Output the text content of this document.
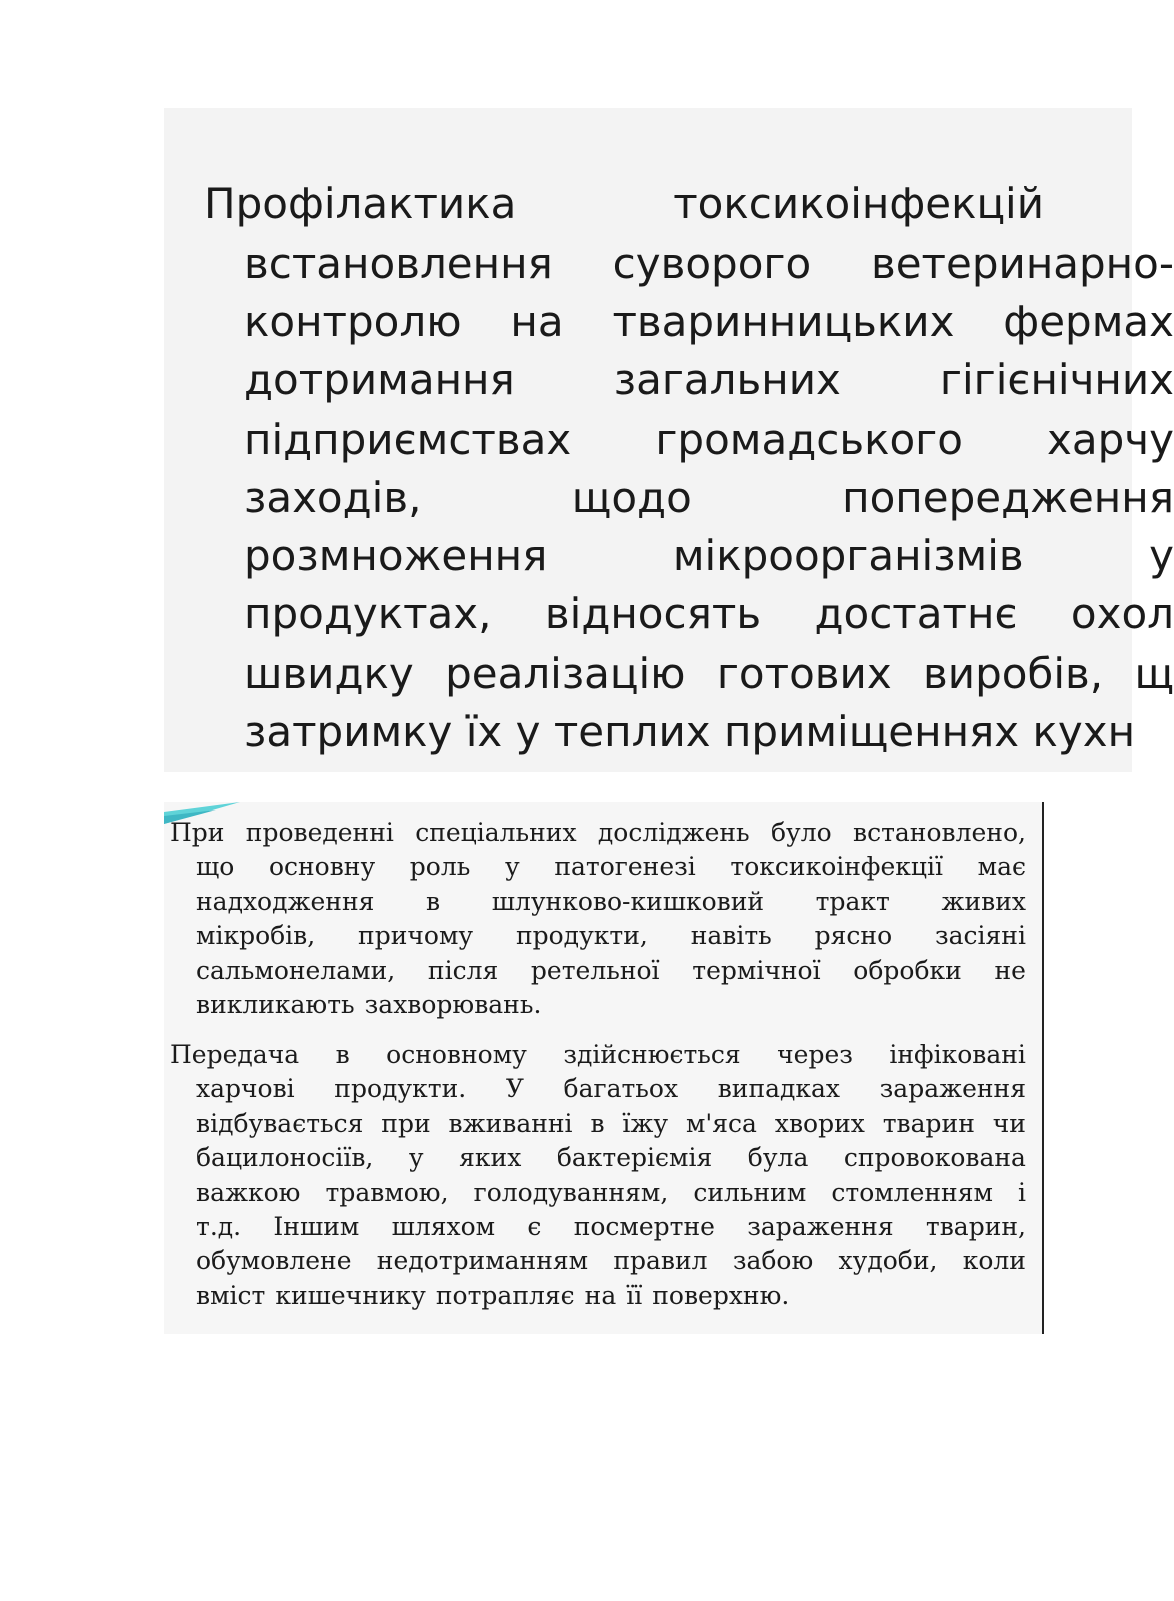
Профілактика	токсикоінфекцій
встановлення суворого ветеринарно-
контролю на тваринницьких фермах
дотримання загальних гігієнічних
підприємствах громадського харчу
заходів,	щодо	попередження
розмноження	мікроорганізмів	у
продуктах, відносять достатнє охол
швидку реалізацію готових виробів, щ
затримку їх у теплих приміщеннях кухн
При проведенні спеціальних досліджень було встановлено,
що основну роль у патогенезі токсикоінфекції має
надходження в шлунково-кишковий тракт живих
мікробів, причому продукти, навіть рясно засіяні
сальмонелами, після ретельної термічної обробки не
викликають захворювань.
Передача в основному здійснюється через інфіковані
харчові продукти. У багатьох випадках зараження
відбувається при вживанні в їжу м'яса хворих тварин чи
бацилоносіїв, у яких бактеріємія була спровокована
важкою травмою, голодуванням, сильним стомленням і
т.д. Іншим шляхом є посмертне зараження тварин,
обумовлене недотриманням правил забою худоби, коли
вміст кишечнику потрапляє на її поверхню.
